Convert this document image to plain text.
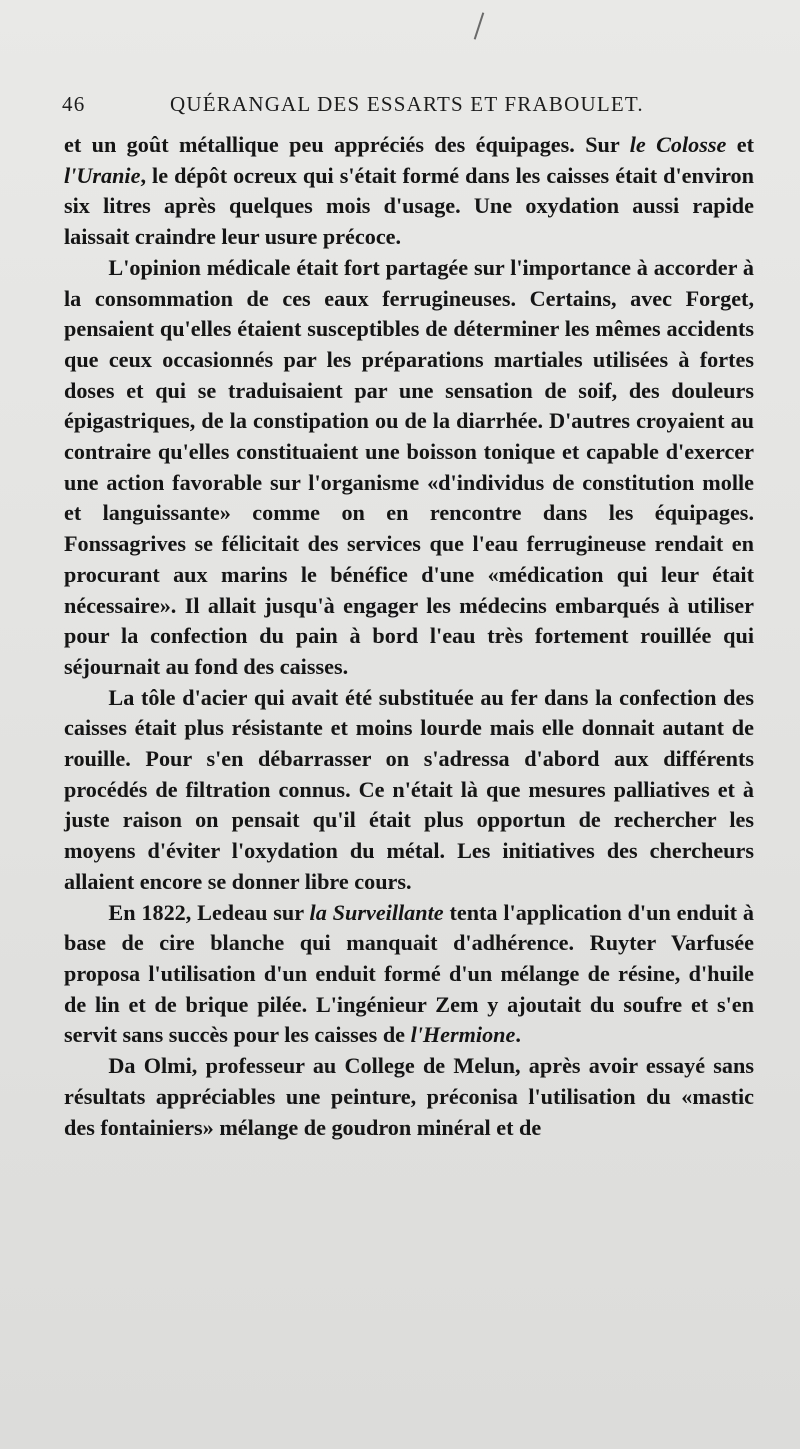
46	QUÉRANGAL DES ESSARTS ET FRABOULET.

et un goût métallique peu appréciés des équipages. Sur le Colosse et l'Uranie, le dépôt ocreux qui s'était formé dans les caisses était d'environ six litres après quelques mois d'usage. Une oxydation aussi rapide laissait craindre leur usure précoce.

L'opinion médicale était fort partagée sur l'importance à accorder à la consommation de ces eaux ferrugineuses. Certains, avec Forget, pensaient qu'elles étaient susceptibles de déterminer les mêmes accidents que ceux occasionnés par les préparations martiales utilisées à fortes doses et qui se traduisaient par une sensation de soif, des douleurs épigastriques, de la constipation ou de la diarrhée. D'autres croyaient au contraire qu'elles constituaient une boisson tonique et capable d'exercer une action favorable sur l'organisme «d'individus de constitution molle et languissante» comme on en rencontre dans les équipages. Fonssagrives se félicitait des services que l'eau ferrugineuse rendait en procurant aux marins le bénéfice d'une «médication qui leur était nécessaire». Il allait jusqu'à engager les médecins embarqués à utiliser pour la confection du pain à bord l'eau très fortement rouillée qui séjournait au fond des caisses.

La tôle d'acier qui avait été substituée au fer dans la confection des caisses était plus résistante et moins lourde mais elle donnait autant de rouille. Pour s'en débarrasser on s'adressa d'abord aux différents procédés de filtration connus. Ce n'était là que mesures palliatives et à juste raison on pensait qu'il était plus opportun de rechercher les moyens d'éviter l'oxydation du métal. Les initiatives des chercheurs allaient encore se donner libre cours.

En 1822, Ledeau sur la Surveillante tenta l'application d'un enduit à base de cire blanche qui manquait d'adhérence. Ruyter Varfusée proposa l'utilisation d'un enduit formé d'un mélange de résine, d'huile de lin et de brique pilée. L'ingénieur Zem y ajoutait du soufre et s'en servit sans succès pour les caisses de l'Hermione.

Da Olmi, professeur au College de Melun, après avoir essayé sans résultats appréciables une peinture, préconisa l'utilisation du «mastic des fontainiers» mélange de goudron minéral et de
